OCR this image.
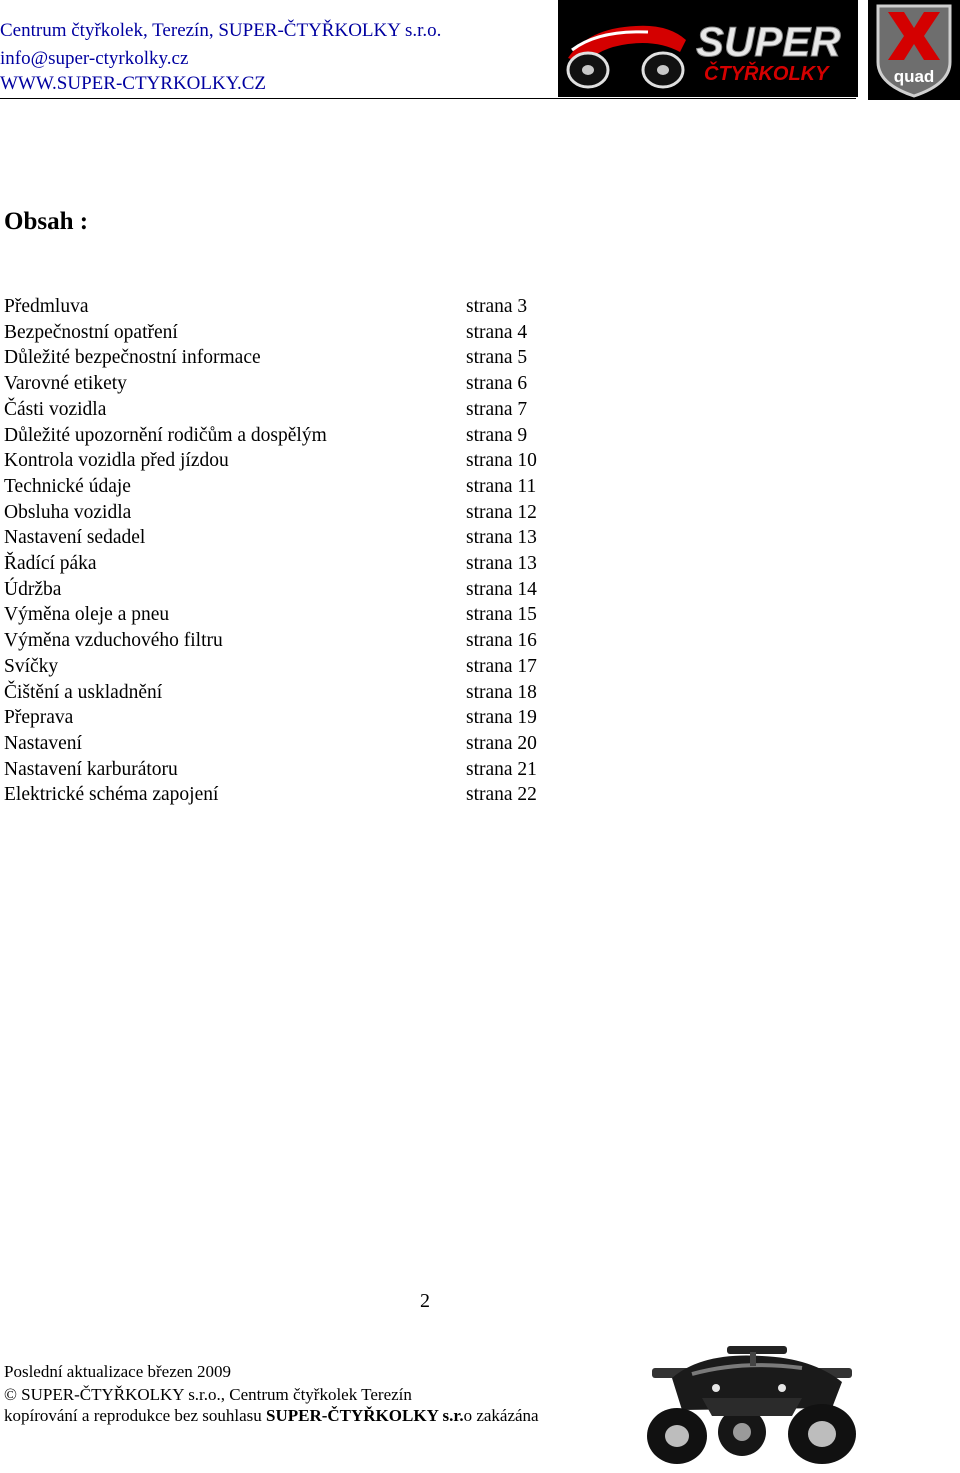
Centrum čtyřkolek, Terezín, SUPER-ČTYŘKOLKY s.r.o.
info@super-ctyrkolky.cz
WWW.SUPER-CTYRKOLKY.CZ
SUPER
ČTYŘKOLKY	quad
Obsah :
Předmluva	strana 3
Bezpečnostní opatření	strana 4
Důležité bezpečnostní informace	strana 5
Varovné etikety	strana 6
Části vozidla	strana 7
Důležité upozornění rodičům a dospělým	strana 9
Kontrola vozidla před jízdou	strana 10
Technické údaje	strana 11
Obsluha vozidla	strana 12
Nastavení sedadel	strana 13
Řadící páka	strana 13
Údržba	strana 14
Výměna oleje a pneu	strana 15
Výměna vzduchového filtru	strana 16
Svíčky	strana 17
Čištění a uskladnění	strana 18
Přeprava	strana 19
Nastavení	strana 20
Nastavení karburátoru	strana 21
Elektrické schéma zapojení	strana 22
2
Poslední aktualizace březen 2009
© SUPER-ČTYŘKOLKY s.r.o., Centrum čtyřkolek Terezín
kopírování a reprodukce bez souhlasu SUPER-ČTYŘKOLKY s.r.o zakázána
